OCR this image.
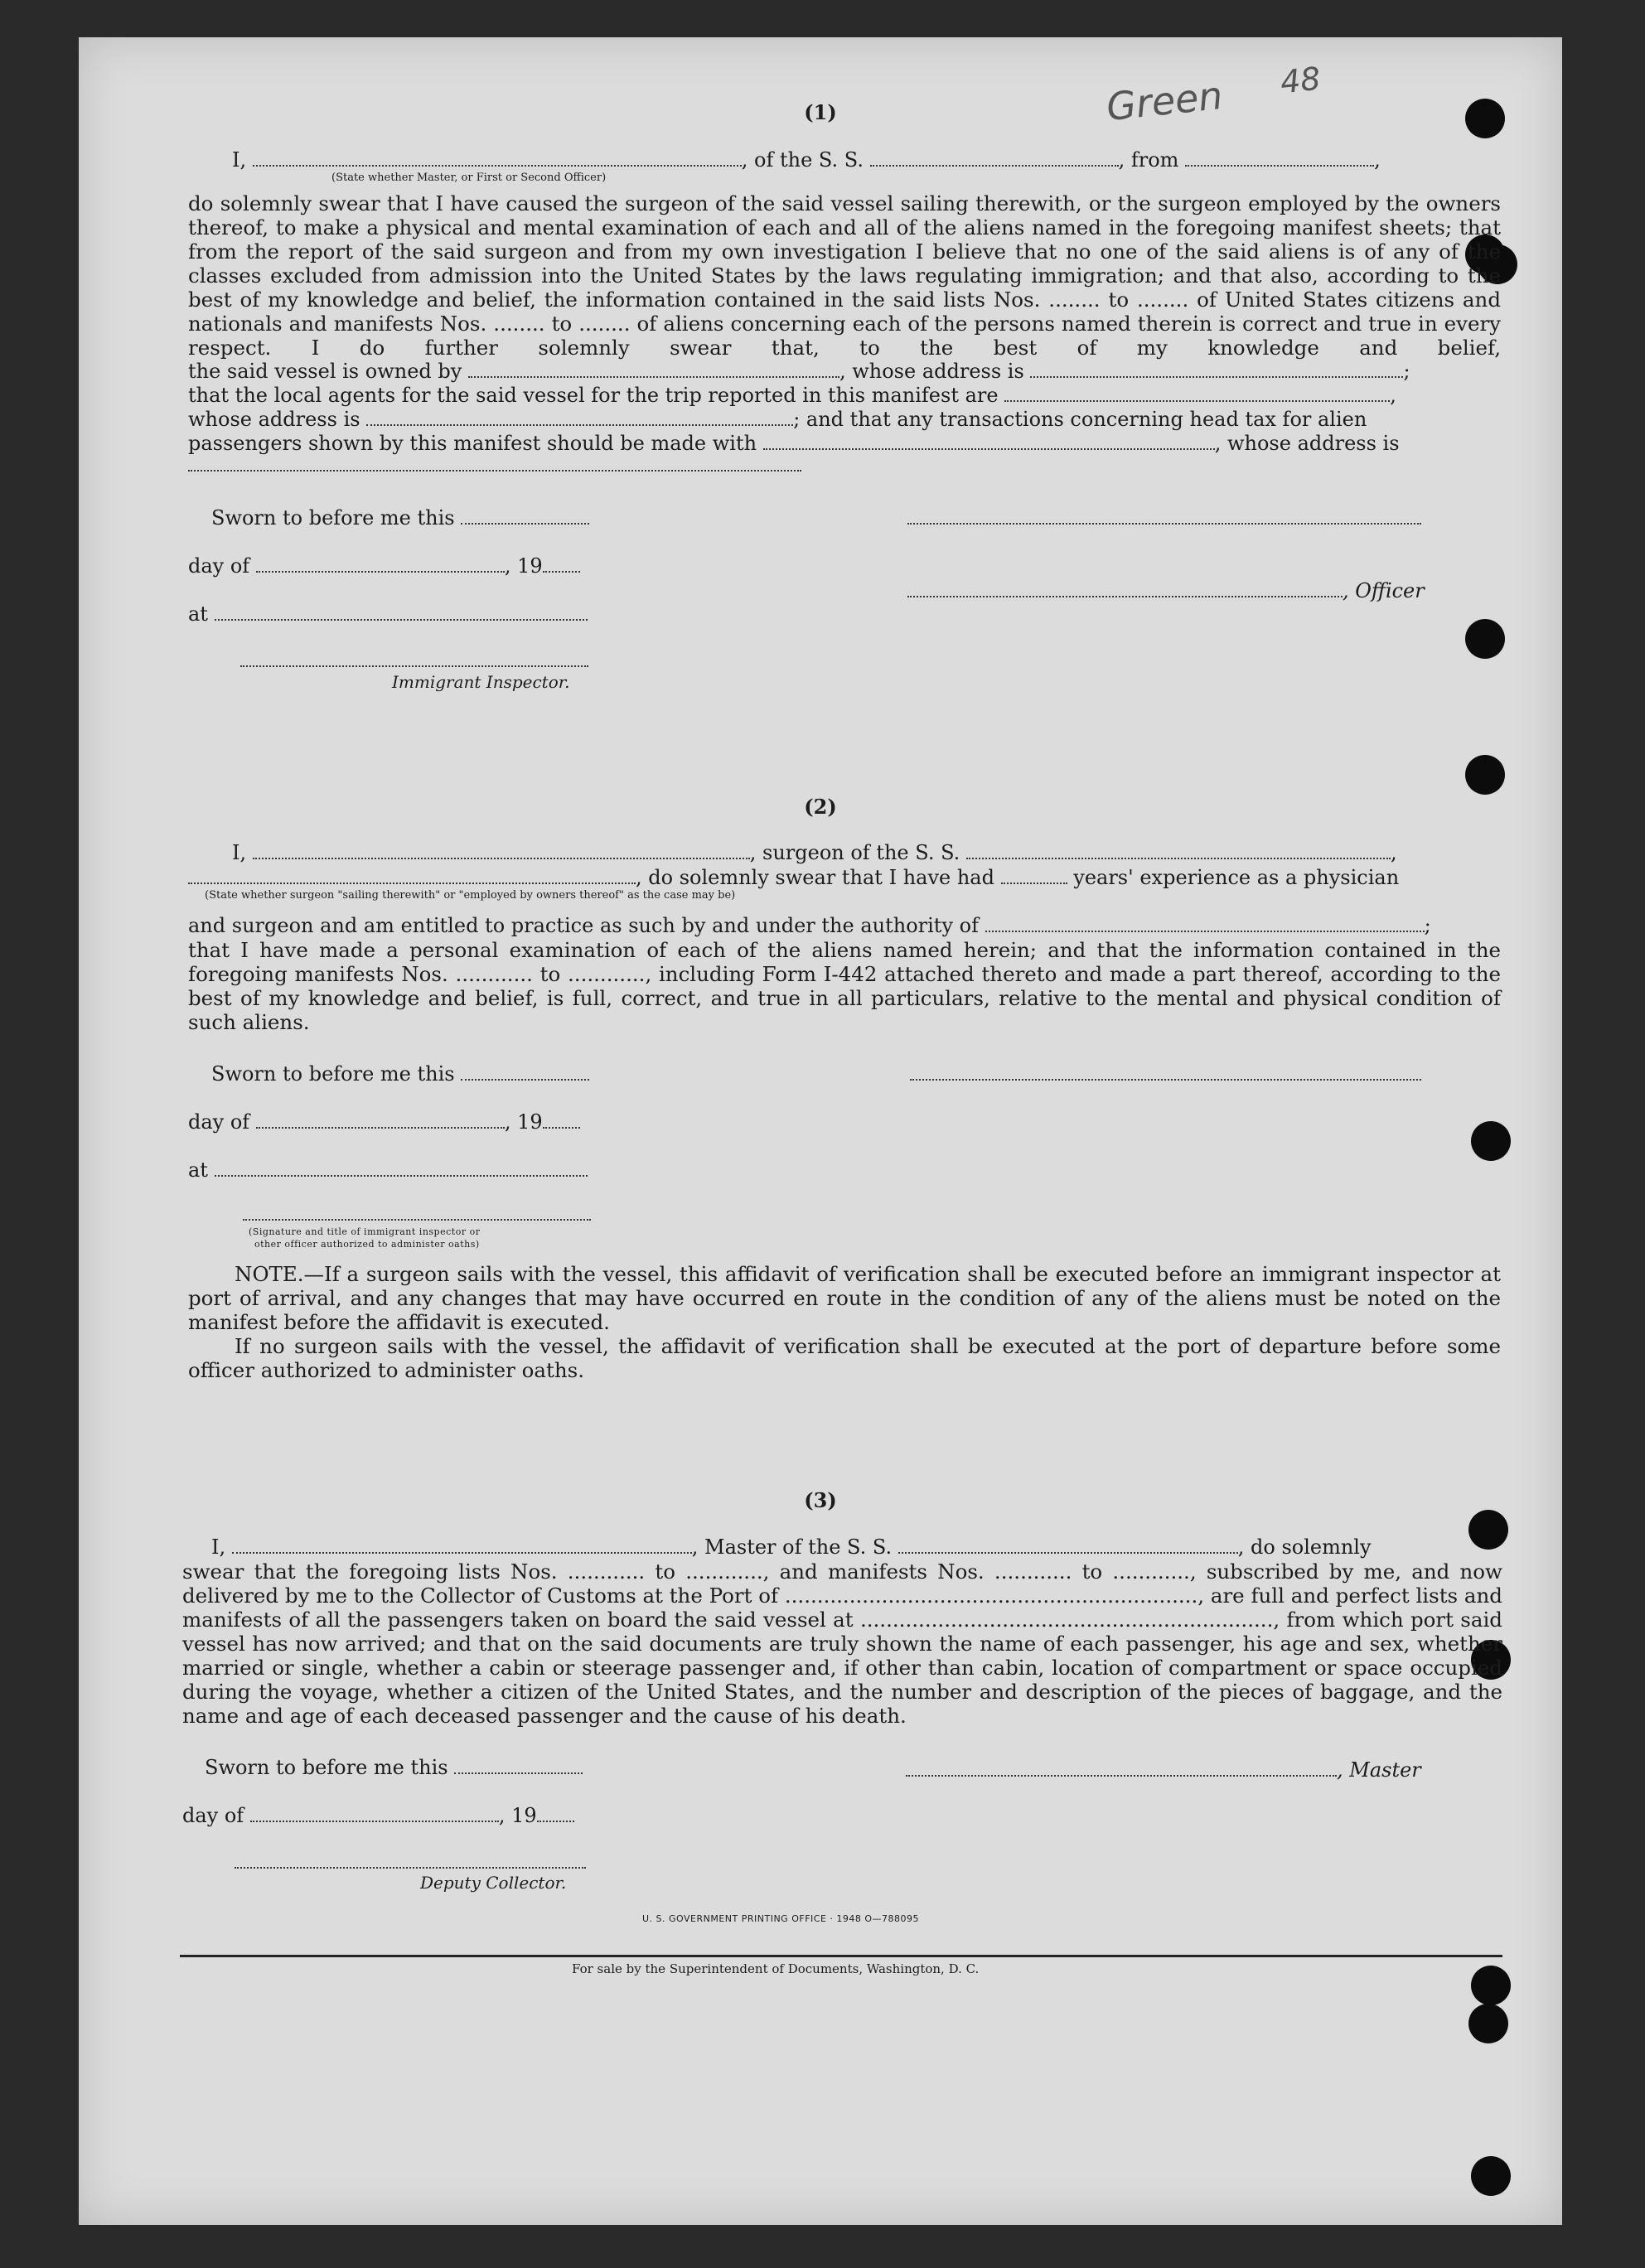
Green 48
(1)
I,	, of the S. S.	, from	,
(State whether Master, or First or Second Officer)
do solemnly swear that I have caused the surgeon of the said vessel sailing therewith, or the surgeon employed by the owners thereof, to make a physical and mental examination of each and all of the aliens named in the foregoing manifest sheets; that from the report of the said surgeon and from my own investigation I believe that no one of the said aliens is of any of the classes excluded from admission into the United States by the laws regulating immigration; and that also, according to the best of my knowledge and belief, the information contained in the said lists Nos. ........ to ........ of United States citizens and nationals and manifests Nos. ........ to ........ of aliens concerning each of the persons named therein is correct and true in every respect. I do further solemnly swear that, to the best of my knowledge and belief,
the said vessel is owned by	, whose address is	;
that the local agents for the said vessel for the trip reported in this manifest are	,
whose address is	; and that any transactions concerning head tax for alien
passengers shown by this manifest should be made with	, whose address is
Sworn to before me this
day of	, 19
, Officer
at
Immigrant Inspector.
(2)
I,	, surgeon of the S. S.	,
, do solemnly swear that I have had	years' experience as a physician
(State whether surgeon "sailing therewith" or "employed by owners thereof" as the case may be)
and surgeon and am entitled to practice as such by and under the authority of	;
that I have made a personal examination of each of the aliens named herein; and that the information contained in the foregoing manifests Nos. ............ to ............, including Form I-442 attached thereto and made a part thereof, according to the best of my knowledge and belief, is full, correct, and true in all particulars, relative to the mental and physical condition of such aliens.
Sworn to before me this
day of	, 19
at
(Signature and title of immigrant inspector or
other officer authorized to administer oaths)
NOTE.—If a surgeon sails with the vessel, this affidavit of verification shall be executed before an immigrant inspector at port of arrival, and any changes that may have occurred en route in the condition of any of the aliens must be noted on the manifest before the affidavit is executed.
If no surgeon sails with the vessel, the affidavit of verification shall be executed at the port of departure before some officer authorized to administer oaths.
(3)
I,	, Master of the S. S.	, do solemnly
swear that the foregoing lists Nos. ............ to ............, and manifests Nos. ............ to ............, subscribed by me, and now delivered by me to the Collector of Customs at the Port of ................................................................, are full and perfect lists and manifests of all the passengers taken on board the said vessel at ................................................................, from which port said vessel has now arrived; and that on the said documents are truly shown the name of each passenger, his age and sex, whether married or single, whether a cabin or steerage passenger and, if other than cabin, location of compartment or space occupied during the voyage, whether a citizen of the United States, and the number and description of the pieces of baggage, and the name and age of each deceased passenger and the cause of his death.
Sworn to before me this	, Master
day of	, 19
Deputy Collector.
U. S. GOVERNMENT PRINTING OFFICE · 1948 O—788095
For sale by the Superintendent of Documents, Washington, D. C.
